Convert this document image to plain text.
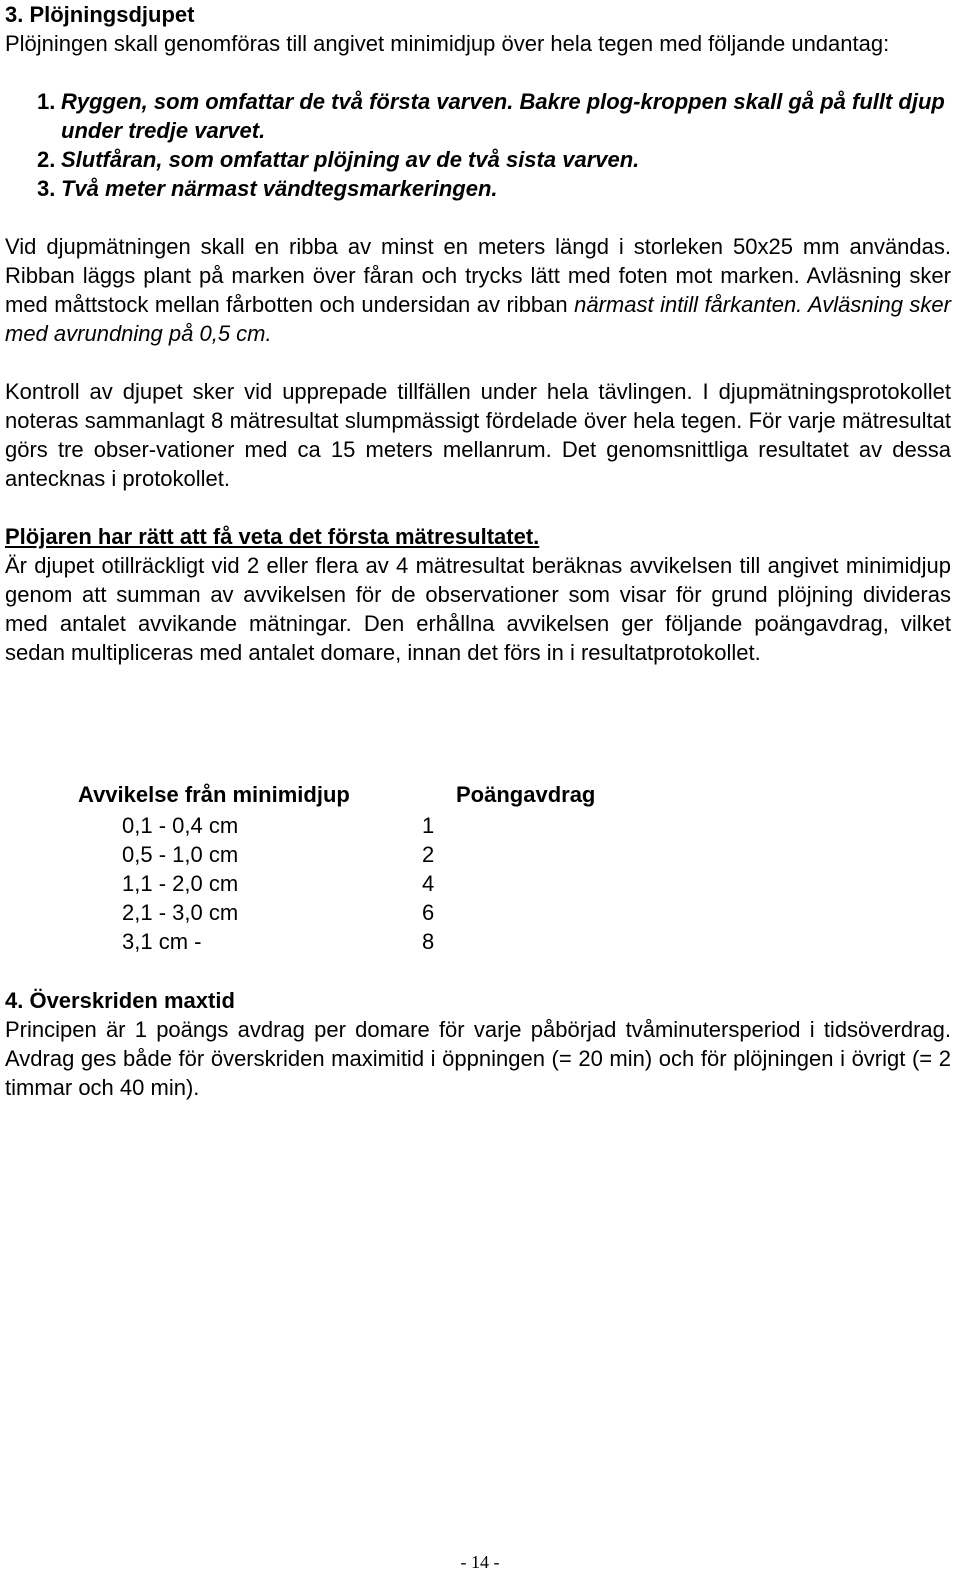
3. Plöjningsdjupet

Plöjningen skall genomföras till angivet minimidjup över hela tegen med följande undantag:

1. Ryggen, som omfattar de två första varven. Bakre plog-kroppen skall gå på fullt djup under tredje varvet.
2. Slutfåran, som omfattar plöjning av de två sista varven.
3. Två meter närmast vändtegsmarkeringen.

Vid djupmätningen skall en ribba av minst en meters längd i storleken 50x25 mm användas. Ribban läggs plant på marken över fåran och trycks lätt med foten mot marken. Avläsning sker med måttstock mellan fårbotten och undersidan av ribban närmast intill fårkanten. Avläsning sker med avrundning på 0,5 cm.

Kontroll av djupet sker vid upprepade tillfällen under hela tävlingen. I djupmätningsprotokollet noteras sammanlagt 8 mätresultat slumpmässigt fördelade över hela tegen. För varje mätresultat görs tre obser-vationer med ca 15 meters mellanrum. Det genomsnittliga resultatet av dessa antecknas i protokollet.

Plöjaren har rätt att få veta det första mätresultatet.

Är djupet otillräckligt vid 2 eller flera av 4 mätresultat beräknas avvikelsen till angivet minimidjup genom att summan av avvikelsen för de observationer som visar för grund plöjning divideras med antalet avvikande mätningar. Den erhållna avvikelsen ger följande poängavdrag, vilket sedan multipliceras med antalet domare, innan det förs in i resultatprotokollet.

Avvikelse från minimidjup	Poängavdrag
0,1 - 0,4 cm	1
0,5 - 1,0 cm	2
1,1 - 2,0 cm	4
2,1 - 3,0 cm	6
3,1 cm -	8

4. Överskriden maxtid

Principen är 1 poängs avdrag per domare för varje påbörjad tvåminutersperiod i tidsöverdrag. Avdrag ges både för överskriden maximitid i öppningen (= 20 min) och för plöjningen i övrigt (= 2 timmar och 40 min).

- 14 -
